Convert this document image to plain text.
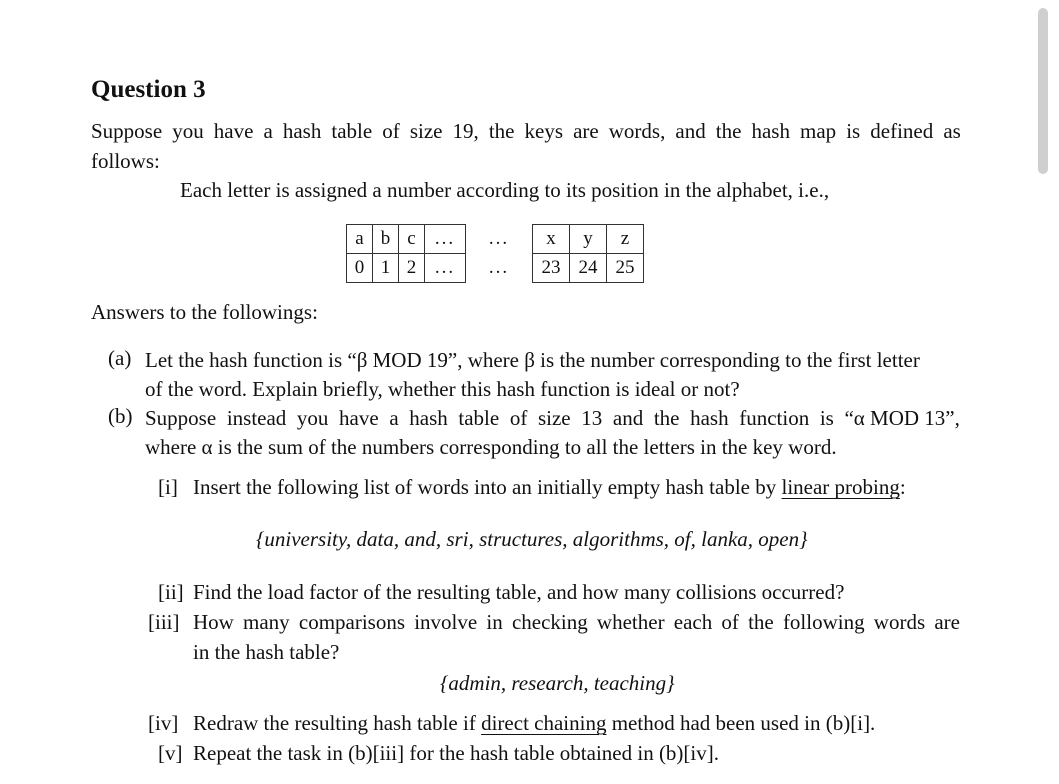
Question 3
Suppose you have a hash table of size 19, the keys are words, and the hash map is defined as
follows:
Each letter is assigned a number according to its position in the alphabet, i.e.,
a	b	c	...	...	x	y	z
0	1	2	...	...	23	24	25
Answers to the followings:
(a) Let the hash function is “β MOD 19”, where β is the number corresponding to the first letter
of the word. Explain briefly, whether this hash function is ideal or not?
(b) Suppose instead you have a hash table of size 13 and the hash function is “α MOD 13”,
where α is the sum of the numbers corresponding to all the letters in the key word.
[i] Insert the following list of words into an initially empty hash table by linear probing:
{university, data, and, sri, structures, algorithms, of, lanka, open}
[ii] Find the load factor of the resulting table, and how many collisions occurred?
[iii] How many comparisons involve in checking whether each of the following words are
in the hash table?
{admin, research, teaching}
[iv] Redraw the resulting hash table if direct chaining method had been used in (b)[i].
[v] Repeat the task in (b)[iii] for the hash table obtained in (b)[iv].
